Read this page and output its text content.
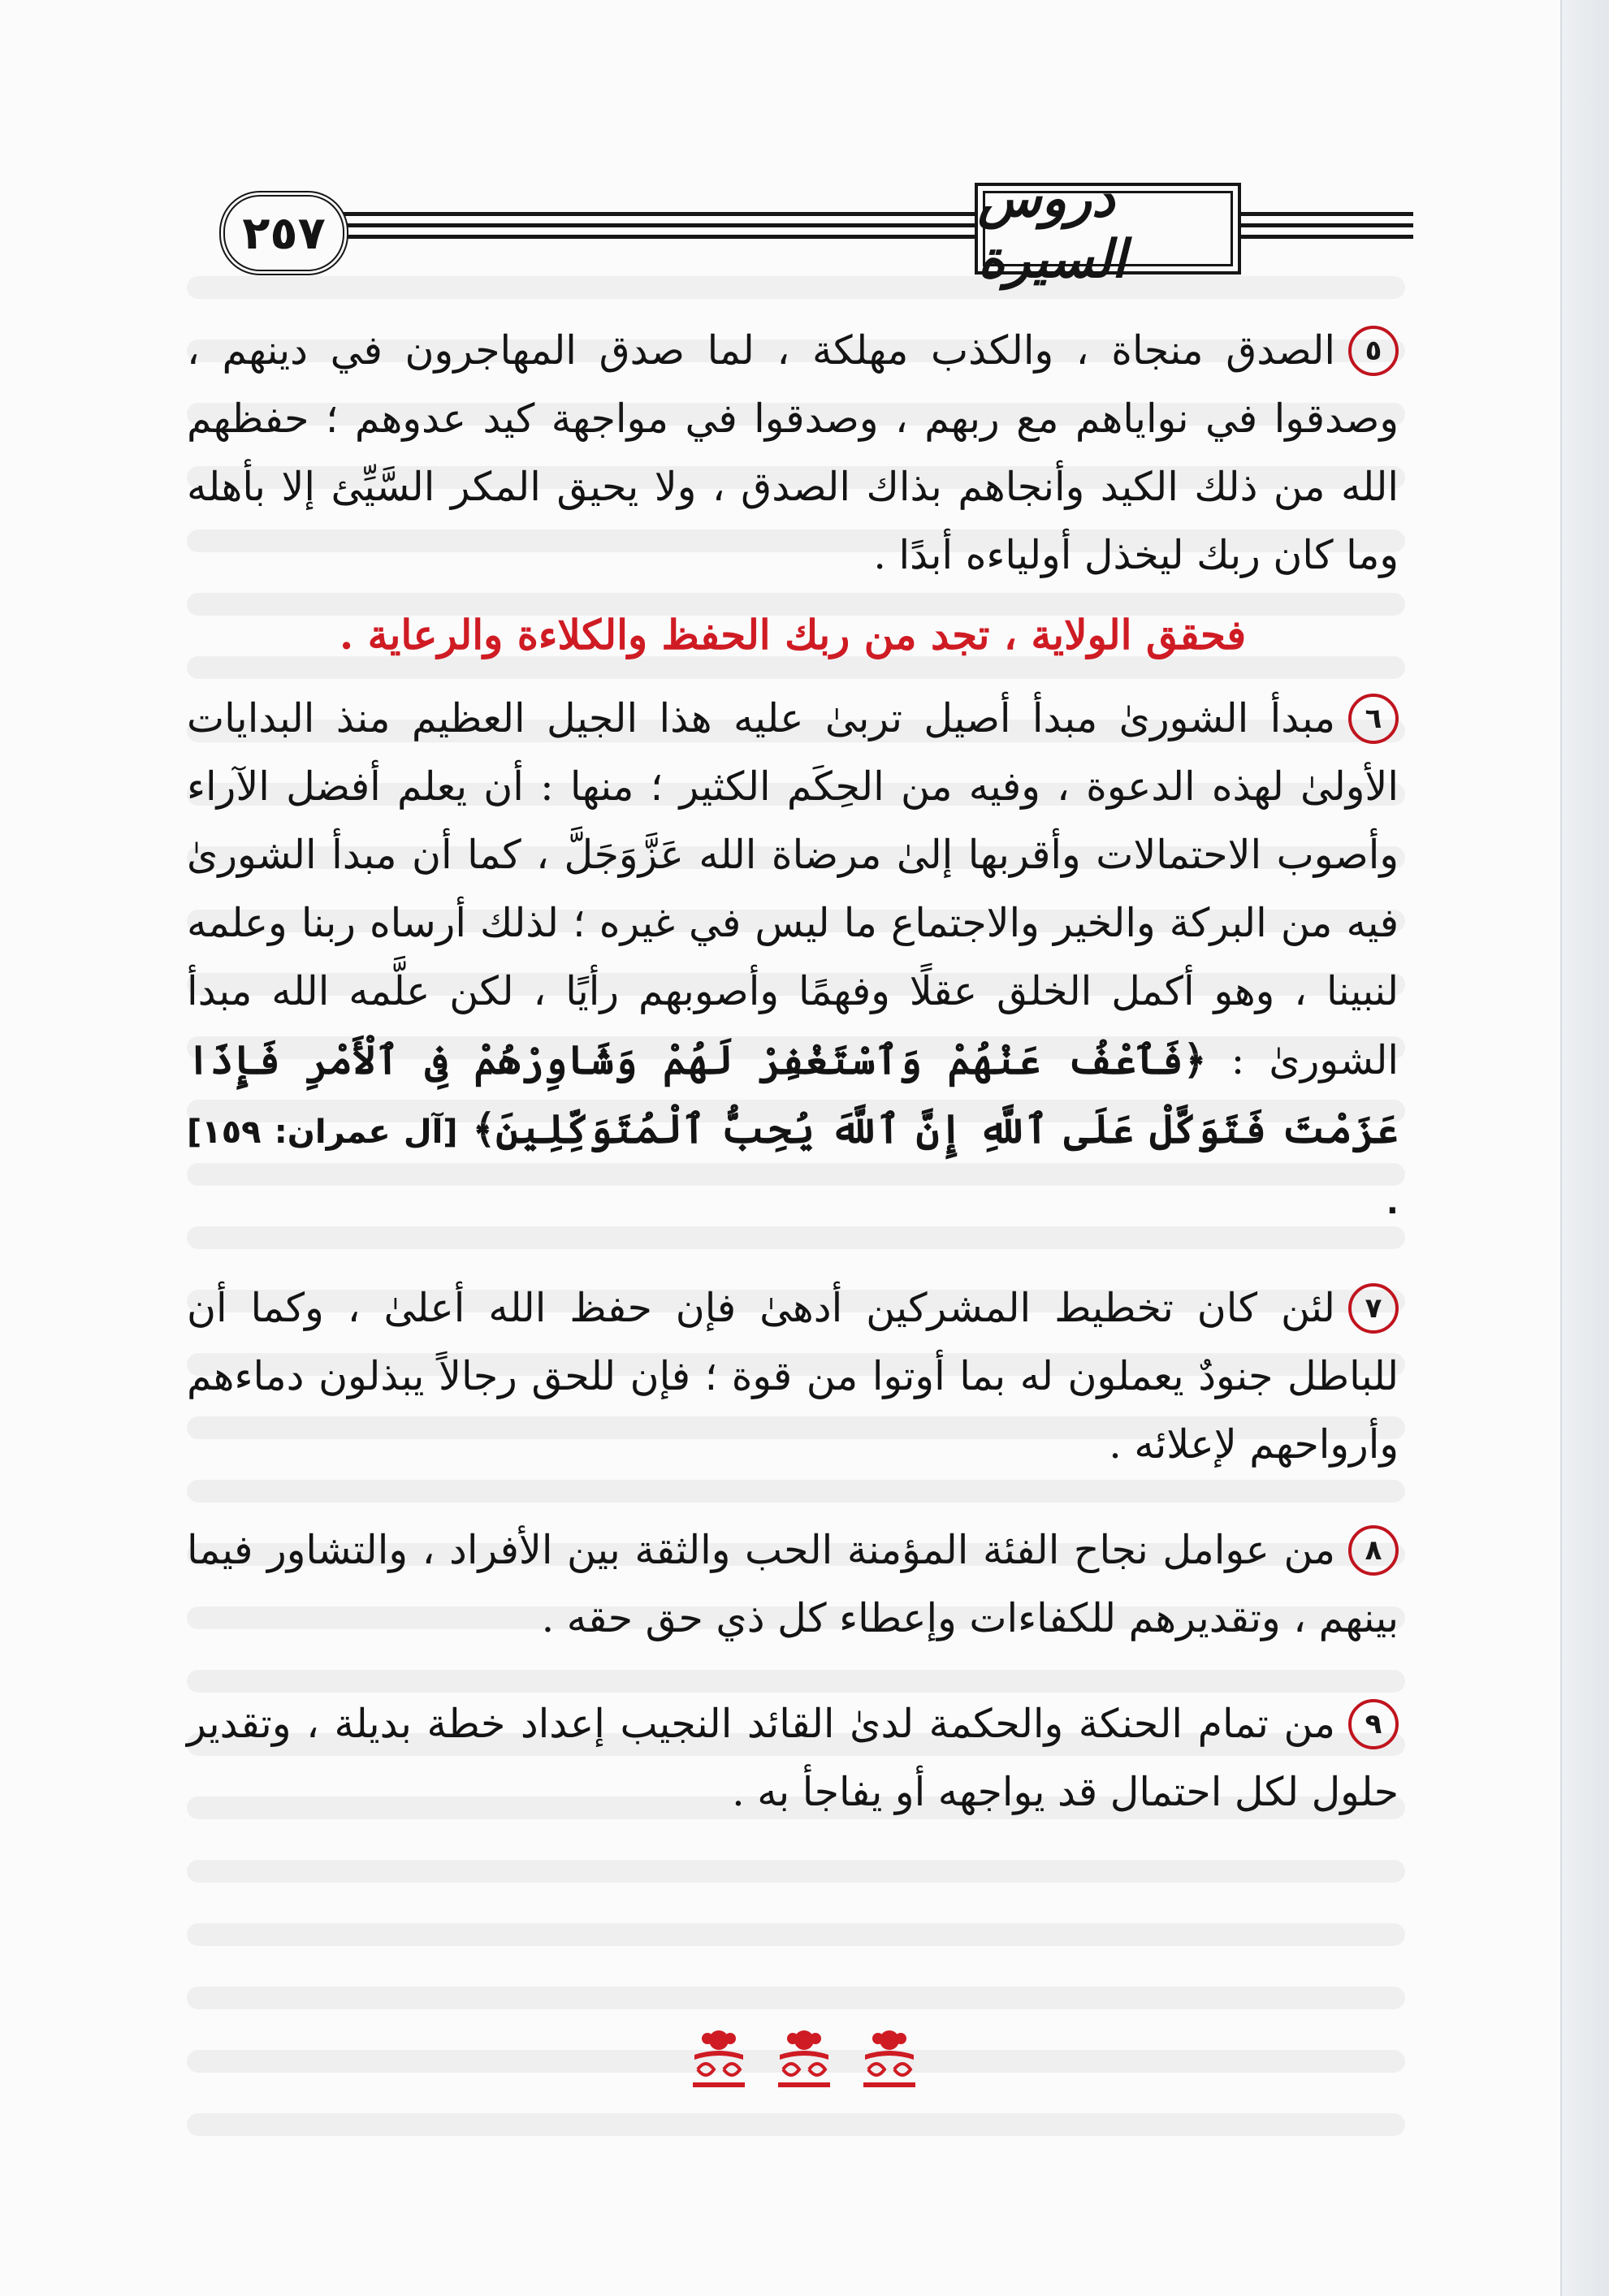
٢٥٧
دروس السيرة

٥الصدق منجاة ، والكذب مهلكة ، لما صدق المهاجرون في دينهم ، وصدقوا في نواياهم مع ربهم ، وصدقوا في مواجهة كيد عدوهم ؛ حفظهم الله من ذلك الكيد وأنجاهم بذاك الصدق ، ولا يحيق المكر السَّيِّئ إلا بأهله وما كان ربك ليخذل أولياءه أبدًا .

فحقق الولاية ، تجد من ربك الحفظ والكلاءة والرعاية .

٦مبدأ الشورىٰ مبدأ أصيل تربىٰ عليه هذا الجيل العظيم منذ البدايات الأولىٰ لهذه الدعوة ، وفيه من الحِكَم الكثير ؛ منها : أن يعلم أفضل الآراء وأصوب الاحتمالات وأقربها إلىٰ مرضاة الله عَزَّوَجَلَّ ، كما أن مبدأ الشورىٰ فيه من البركة والخير والاجتماع ما ليس في غيره ؛ لذلك أرساه ربنا وعلمه لنبينا ، وهو أكمل الخلق عقلًا وفهمًا وأصوبهم رأيًا ، لكن علَّمه الله مبدأ الشورىٰ : ﴿فَٱعْفُ عَنْهُمْ وَٱسْتَغْفِرْ لَهُمْ وَشَاوِرْهُمْ فِى ٱلْأَمْرِ فَإِذَا عَزَمْتَ فَتَوَكَّلْ عَلَى ٱللَّهِ إِنَّ ٱللَّهَ يُحِبُّ ٱلْمُتَوَكِّلِينَ﴾ [آل عمران: ١٥٩] .

٧لئن كان تخطيط المشركين أدهىٰ فإن حفظ الله أعلىٰ ، وكما أن للباطل جنودٌ يعملون له بما أوتوا من قوة ؛ فإن للحق رجالاً يبذلون دماءهم وأرواحهم لإعلائه .

٨من عوامل نجاح الفئة المؤمنة الحب والثقة بين الأفراد ، والتشاور فيما بينهم ، وتقديرهم للكفاءات وإعطاء كل ذي حق حقه .

٩من تمام الحنكة والحكمة لدىٰ القائد النجيب إعداد خطة بديلة ، وتقدير حلول لكل احتمال قد يواجهه أو يفاجأ به .
